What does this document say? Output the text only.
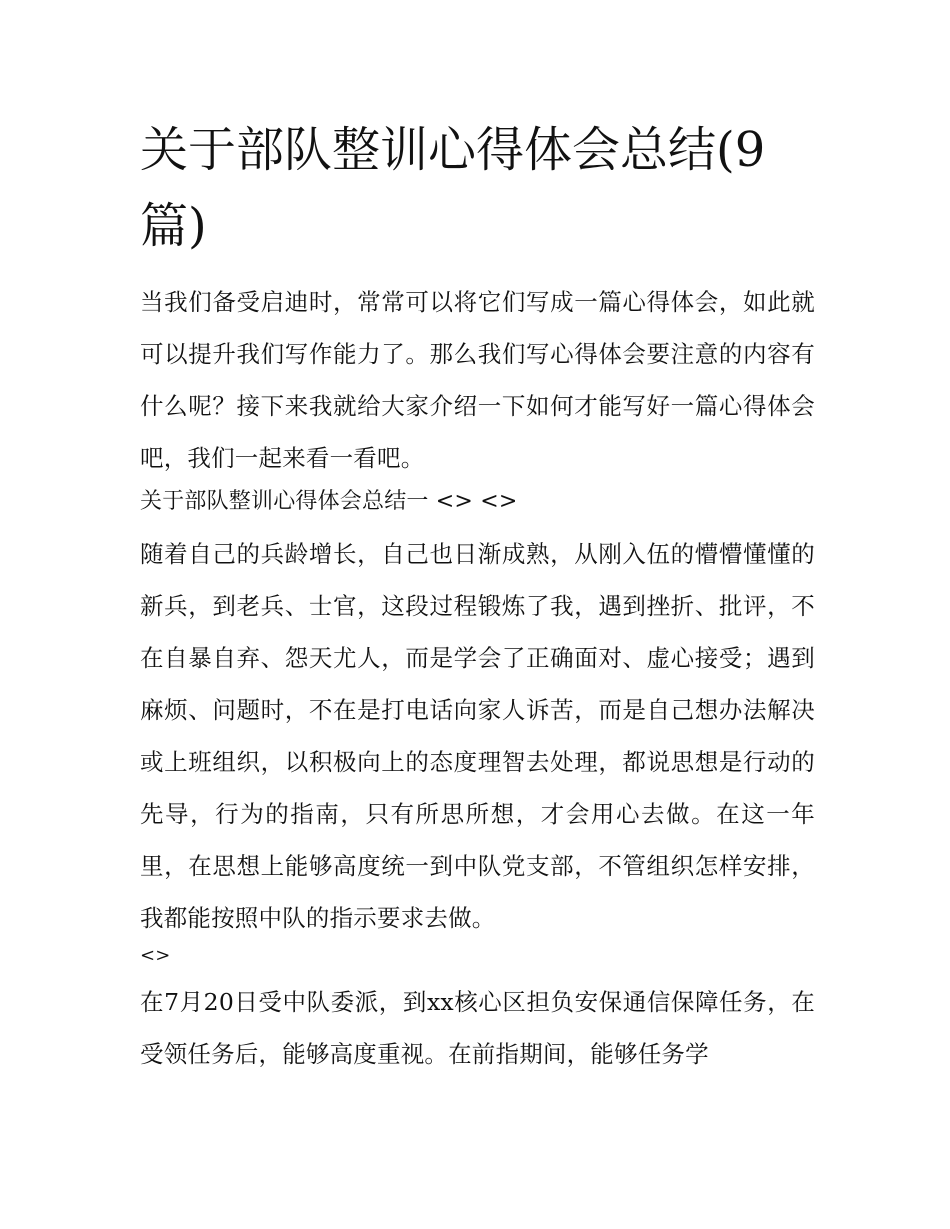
关于部队整训心得体会总结(9篇)

当我们备受启迪时，常常可以将它们写成一篇心得体会，如此就可以提升我们写作能力了。那么我们写心得体会要注意的内容有什么呢？接下来我就给大家介绍一下如何才能写好一篇心得体会吧，我们一起来看一看吧。

关于部队整训心得体会总结一 <> <>

随着自己的兵龄增长，自己也日渐成熟，从刚入伍的懵懵懂懂的新兵，到老兵、士官，这段过程锻炼了我，遇到挫折、批评，不在自暴自弃、怨天尤人，而是学会了正确面对、虚心接受；遇到麻烦、问题时，不在是打电话向家人诉苦，而是自己想办法解决或上班组织，以积极向上的态度理智去处理，都说思想是行动的先导，行为的指南，只有所思所想，才会用心去做。在这一年里，在思想上能够高度统一到中队党支部，不管组织怎样安排，我都能按照中队的指示要求去做。

<>

在7月20日受中队委派，到xx核心区担负安保通信保障任务，在受领任务后，能够高度重视。在前指期间，能够任务学
